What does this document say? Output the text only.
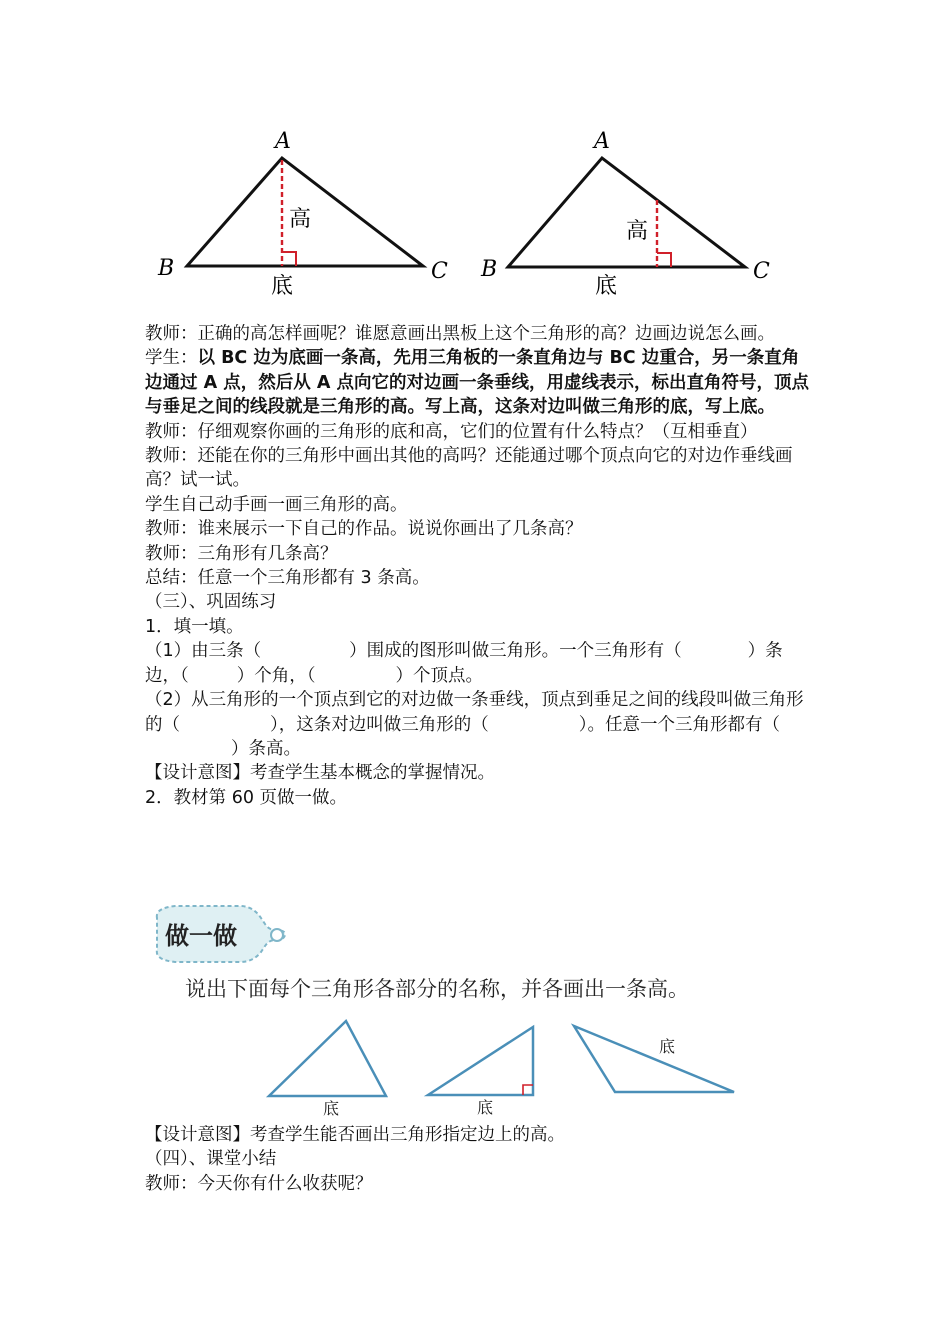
A
B	C
高
底
A
B	C
高
底

教师：正确的高怎样画呢？谁愿意画出黑板上这个三角形的高？边画边说怎么画。

学生：以 BC 边为底画一条高，先用三角板的一条直角边与 BC 边重合，另一条直角边通过 A 点，然后从 A 点向它的对边画一条垂线，用虚线表示，标出直角符号，顶点与垂足之间的线段就是三角形的高。写上高，这条对边叫做三角形的底，写上底。

教师：仔细观察你画的三角形的底和高，它们的位置有什么特点？（互相垂直）

教师：还能在你的三角形中画出其他的高吗？还能通过哪个顶点向它的对边作垂线画高？试一试。

学生自己动手画一画三角形的高。

教师：谁来展示一下自己的作品。说说你画出了几条高？

教师：三角形有几条高？

总结：任意一个三角形都有 3 条高。

（三）、巩固练习

1．填一填。

（1）由三条（	）围成的图形叫做三角形。一个三角形有（	）条边，（	）个角，（	）个顶点。

（2）从三角形的一个顶点到它的对边做一条垂线，顶点到垂足之间的线段叫做三角形的（	），这条对边叫做三角形的（	）。任意一个三角形都有（）条高。

【设计意图】考查学生基本概念的掌握情况。

2．教材第 60 页做一做。

做一做
说出下面每个三角形各部分的名称，并各画出一条高。
底	底
底

【设计意图】考查学生能否画出三角形指定边上的高。

（四）、课堂小结

教师：今天你有什么收获呢？
